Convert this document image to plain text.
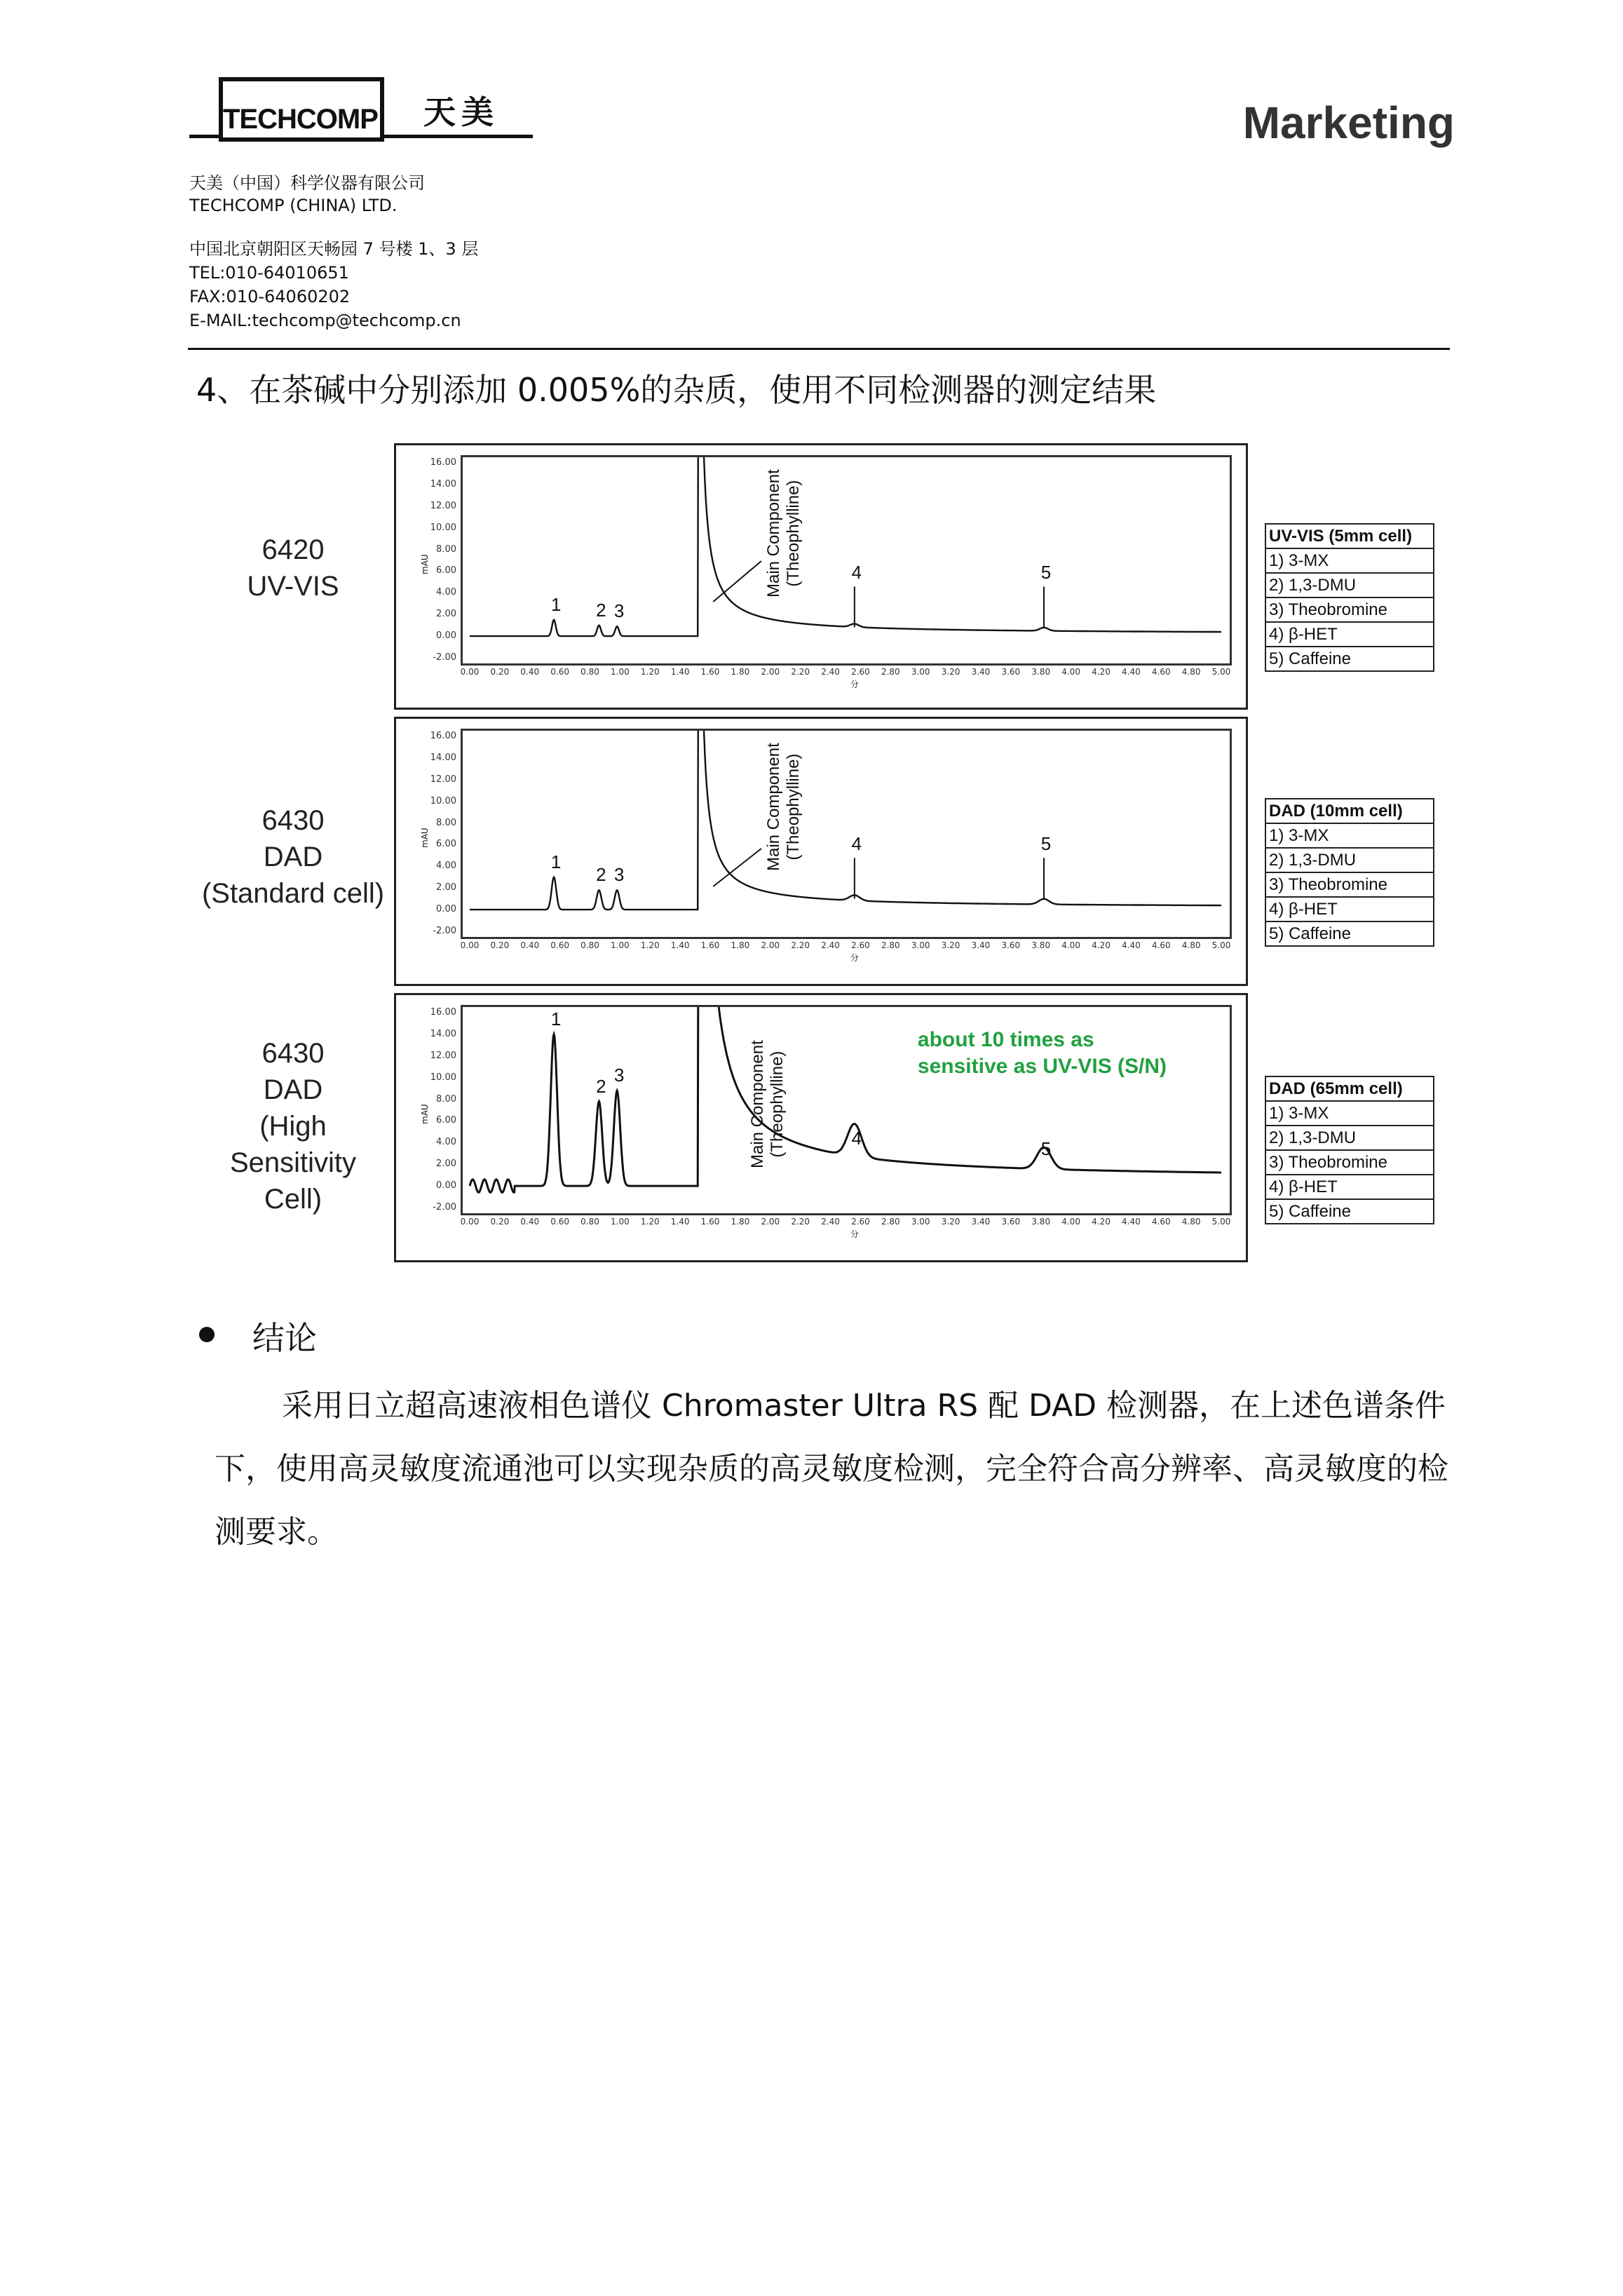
TECHCOMP 天美	Marketing
天美（中国）科学仪器有限公司
TECHCOMP (CHINA) LTD.
中国北京朝阳区天畅园 7 号楼 1、3 层
TEL:010-64010651
FAX:010-64060202
E-MAIL:techcomp@techcomp.cn
4、在茶碱中分别添加 0.005%的杂质，使用不同检测器的测定结果
6420
UV-VIS
6430
DAD
(Standard cell)
6430
DAD
(High
Sensitivity
Cell)
1 2 3
4	5
Main Component (Theophylline)
-2.00
0.00
2.00
4.00
6.00
8.00
10.00
12.00
14.00
16.00
0.00 0.20 0.40 0.60 0.80 1.00 1.20 1.40 1.60 1.80 2.00 2.20 2.40 2.60 2.80 3.00 3.20 3.40 3.60 3.80 4.00 4.20 4.40 4.60 4.80 5.00
mAU
分
1
2 3
4	5
Main Component (Theophylline)
-2.00
0.00
2.00
4.00
6.00
8.00
10.00
12.00
14.00
16.00
0.00 0.20 0.40 0.60 0.80 1.00 1.20 1.40 1.60 1.80 2.00 2.20 2.40 2.60 2.80 3.00 3.20 3.40 3.60 3.80 4.00 4.20 4.40 4.60 4.80 5.00
mAU
分
1
2
3
4
5
Main Component (Theophylline)
about 10 times as
sensitive as UV-VIS (S/N)
-2.00
0.00
2.00
4.00
6.00
8.00
10.00
12.00
14.00
16.00
0.00 0.20 0.40 0.60 0.80 1.00 1.20 1.40 1.60 1.80 2.00 2.20 2.40 2.60 2.80 3.00 3.20 3.40 3.60 3.80 4.00 4.20 4.40 4.60 4.80 5.00
mAU
分
UV-VIS (5mm cell)
1) 3-MX
2) 1,3-DMU
3) Theobromine
4) β-HET
5) Caffeine
DAD (10mm cell)
1) 3-MX
2) 1,3-DMU
3) Theobromine
4) β-HET
5) Caffeine
DAD (65mm cell)
1) 3-MX
2) 1,3-DMU
3) Theobromine
4) β-HET
5) Caffeine
结论
采用日立超高速液相色谱仪 Chromaster Ultra RS 配 DAD 检测器，在上述色谱条件下，使用高灵敏度流通池可以实现杂质的高灵敏度检测，完全符合高分辨率、高灵敏度的检测要求。
